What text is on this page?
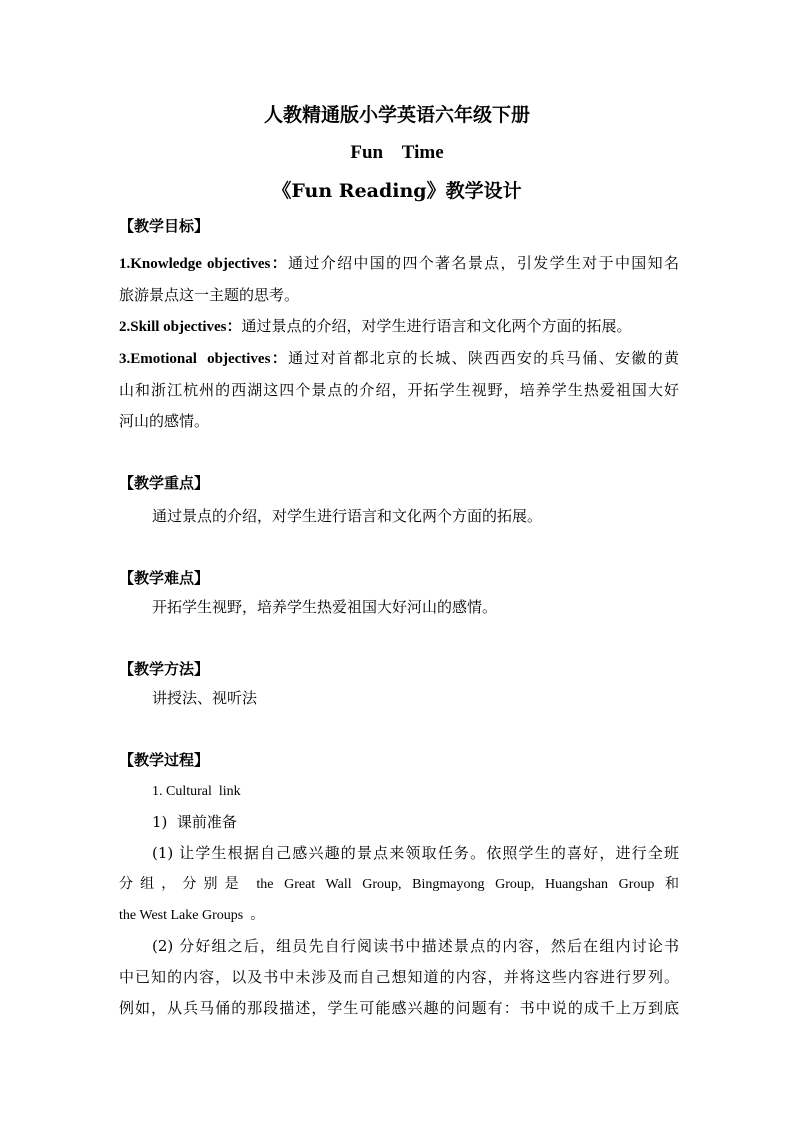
人教精通版小学英语六年级下册
Fun    Time
《Fun Reading》教学设计
【教学目标】
1.Knowledge objectives：通过介绍中国的四个著名景点，引发学生对于中国知名
旅游景点这一主题的思考。
2.Skill objectives：通过景点的介绍，对学生进行语言和文化两个方面的拓展。
3.Emotional  objectives：通过对首都北京的长城、陕西西安的兵马俑、安徽的黄
山和浙江杭州的西湖这四个景点的介绍，开拓学生视野，培养学生热爱祖国大好
河山的感情。
【教学重点】
通过景点的介绍，对学生进行语言和文化两个方面的拓展。
【教学难点】
开拓学生视野，培养学生热爱祖国大好河山的感情。
【教学方法】
讲授法、视听法
【教学过程】
1. Cultural  link
1)  课前准备
(1) 让学生根据自己感兴趣的景点来领取任务。依照学生的喜好，进行全班
分组，分别是 the Great Wall Group, Bingmayong Group, Huangshan Group 和
the West Lake Groups  。
(2) 分好组之后，组员先自行阅读书中描述景点的内容，然后在组内讨论书
中已知的内容，以及书中未涉及而自己想知道的内容，并将这些内容进行罗列。
例如，从兵马俑的那段描述，学生可能感兴趣的问题有：书中说的成千上万到底
